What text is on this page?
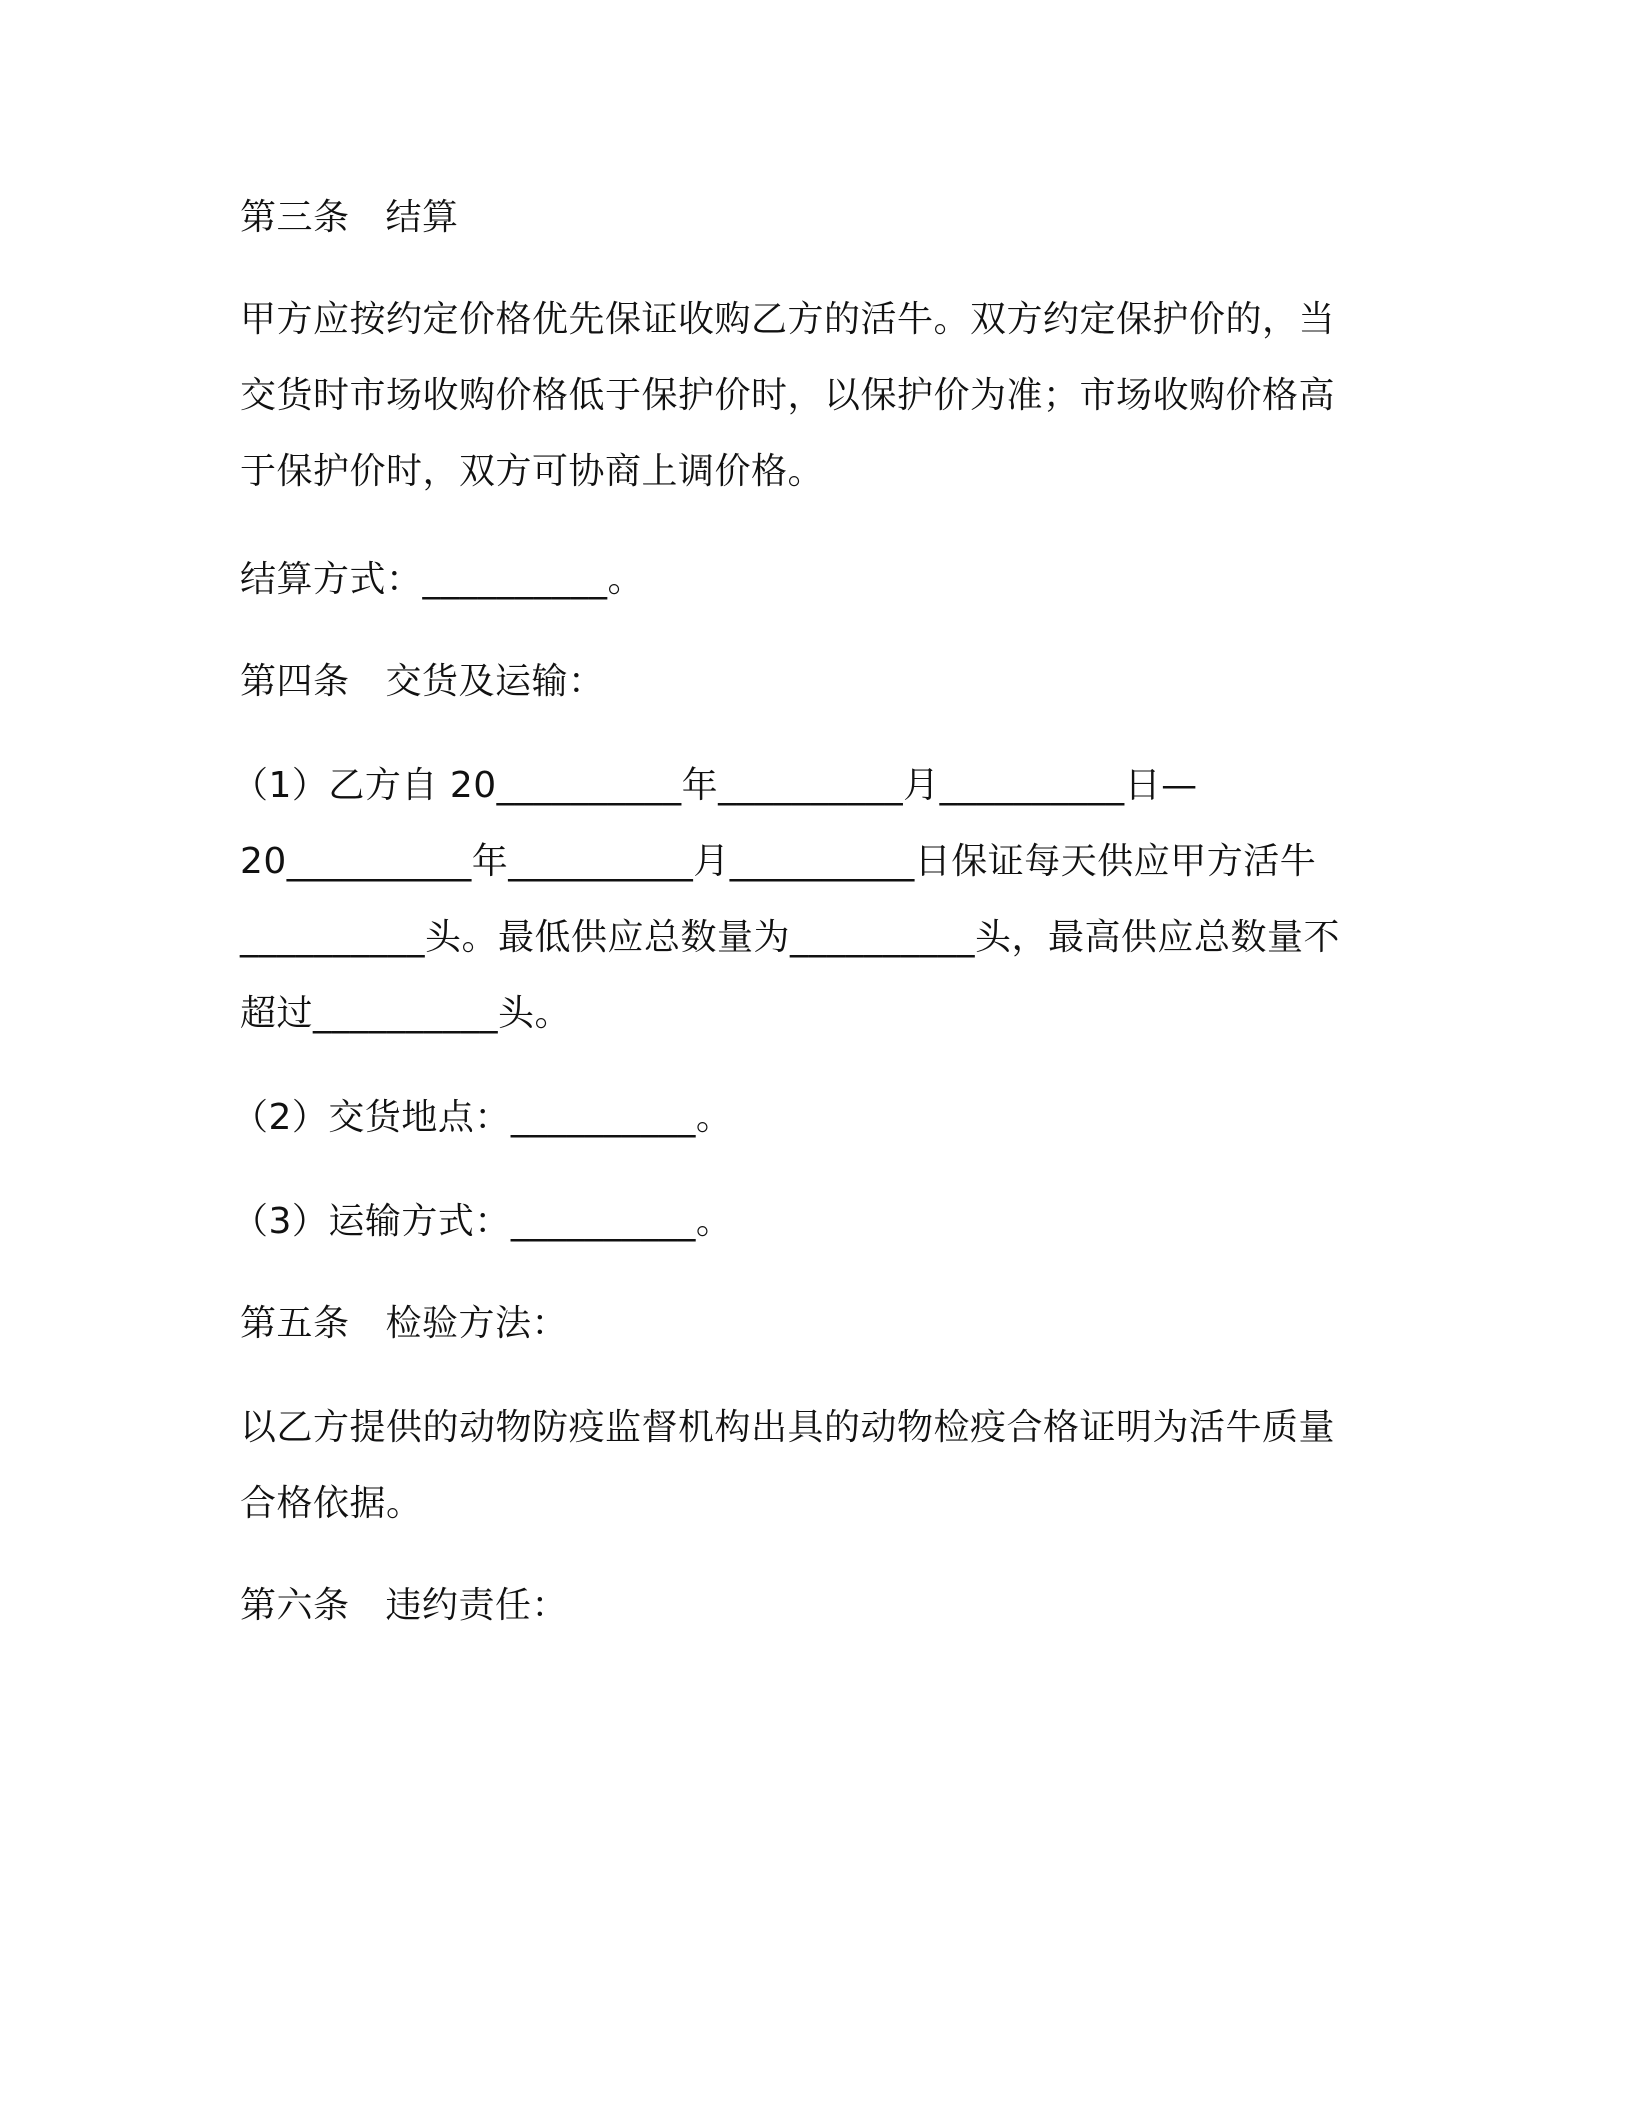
第三条 结算
甲方应按约定价格优先保证收购乙方的活牛。双方约定保护价的，当
交货时市场收购价格低于保护价时，以保护价为准；市场收购价格高
于保护价时，双方可协商上调价格。
结算方式：__________。
第四条 交货及运输：
（1）乙方自 20__________年__________月__________日—
20__________年__________月__________日保证每天供应甲方活牛
__________头。最低供应总数量为__________头，最高供应总数量不
超过__________头。
（2）交货地点：__________。
（3）运输方式：__________。
第五条 检验方法：
以乙方提供的动物防疫监督机构出具的动物检疫合格证明为活牛质量
合格依据。
第六条 违约责任：
